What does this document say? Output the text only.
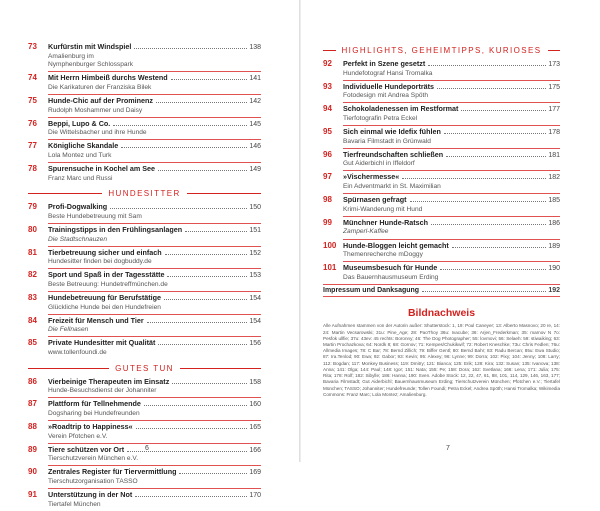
73	Kurfürstin mit Windspiel	138
Amalienburg im
Nymphenburger Schlosspark
74	Mit Herrn Himbeiß durchs Westend	141
Die Karikaturen der Franziska Bilek
75	Hunde-Chic auf der Prominenz	142
Rudolph Moshammer und Daisy
76	Beppi, Lupo & Co.	145
Die Wittelsbacher und ihre Hunde
77	Königliche Skandale	146
Lola Montez und Turk
78	Spurensuche in Kochel am See	149
Franz Marc und Russi
HUNDESITTER
79	Profi-Dogwalking	150
Beste Hundebetreuung mit Sam
80	Trainingstipps in den Frühlingsanlagen	151
Die Stadtschnauzen
81	Tierbetreuung sicher und einfach	152
Hundesitter finden bei dogbuddy.de
82	Sport und Spaß in der Tagesstätte	153
Beste Betreuung: Hundetreffmünchen.de
83	Hundebetreuung für Berufstätige	154
Glückliche Hunde bei den Hundefreien
84	Freizeit für Mensch und Tier	154
Die Fellnasen
85	Private Hundesitter mit Qualität	156
www.tollenfoundi.de
GUTES TUN
86	Vierbeinige Therapeuten im Einsatz	158
Hunde-Besuchsdienst der Johanniter
87	Plattform für Tellnehmende	160
Dogsharing bei Hundefreunden
88	»Roadtrip to Happiness«	165
Verein Pfotchen e.V.
89	Tiere schützen vor Ort	166
Tierschutzverein München e.V.
90	Zentrales Register für Tiervermittlung	169
Tierschutzorganisation TASSO
91	Unterstützung in der Not	170
Tiertafel München
6
HIGHLIGHTS, GEHEIMTIPPS, KURIOSES
92	Perfekt in Szene gesetzt	173
Hundefotograf Hansi Tromalka
93	Individuelle Hundeporträts	175
Fotodesign mit Andrea Spöth
94	Schokoladenessen im Restformat	177
Tierfotografin Petra Eckel
95	Sich einmal wie Idefix fühlen	178
Bavaria Filmstadt in Grünwald
96	Tierfreundschaften schließen	181
Gut Aiderbichl in Iffeldorf
97	»Vischermesse«	182
Ein Adventmarkt in St. Maximilian
98	Spürnasen gefragt	185
Krimi-Wanderung mit Hund
99	Münchner Hunde-Ratsch	186
Zamperl-Kaffee
100 Hunde-Bloggen leicht gemacht	189
Themenrecherche mDoggy
101 Museumsbesuch für Hunde	190
Das Bauernhausmuseum Erding
Impressum und Danksagung	192
Bildnachweis
Alle Aufnahmen stammen von der Autorin außer: Shutterstock: 1, 19: Poul Caneyer; 13: Alberto Masnovo; 20 re, 14: 24: Martin Vecsarowski; 31u: Pine_Age; 28: PaoThoy 36u: Ivacube; 36: Arjen_Frederkman; 35: marnov N 7o: Pesfok ullfie; 37u: 43ev: 45 rechts: Boronny; 46: The Dog Photographer; 55: lovmovi; 56: Selaeh: 59: stiwaiking; 63: Martin Prochazkova; 64: Nordk 8; 68: Gornov; 71: Kempes/Chukikwif; 72: Robert Kneschke; 73u: Chris Fedlen; 76u: Allmedia Images; 78: C Bar; 78: Bernd Zillich; 79: Biffer Gentl; 80: Bernd Bahr; 83: Radu Bercan; 85u: Ewa Studio; 87: Ira.Tenlod; 90: Ewa; 92: Gabor; 93: Kevin; 95: Alexey; 96: Lynne; 99: Dorra; 102: Pixy; 104: Jenny; 108: Larry; 112: Bogdan; 117: Monkey Business; 119: Dmitry; 121: Bianca; 125: Erik; 128: Kira; 132: Susan; 135: Ivanova; 138: Anna; 141: Olga; 144: Paul; 148: Igor; 151: Nata; 155: Pe; 158: Dora; 162: Svetlana; 166: Lena; 171: Julia; 175: Rita; 178: Rolf; 182: Sibylle; 186: Hanna; 190: Sven. Adobe Stock: 12, 22, 47, 61, 88, 101, 114, 129, 146, 163, 177; Bavaria Filmstadt; Gut Aiderbichl; Bauernhausmuseum Erding; Tierschutzverein München; Pfotchen e.V.; Tiertafel München; TASSO; Johanniter; Hundefreunde; Tollen Foundi; Petra Eckel; Andrea Spöth; Hansi Tromalka; Wikimedia Commons: Franz Marc; Lola Montez; Amalienburg.
7
